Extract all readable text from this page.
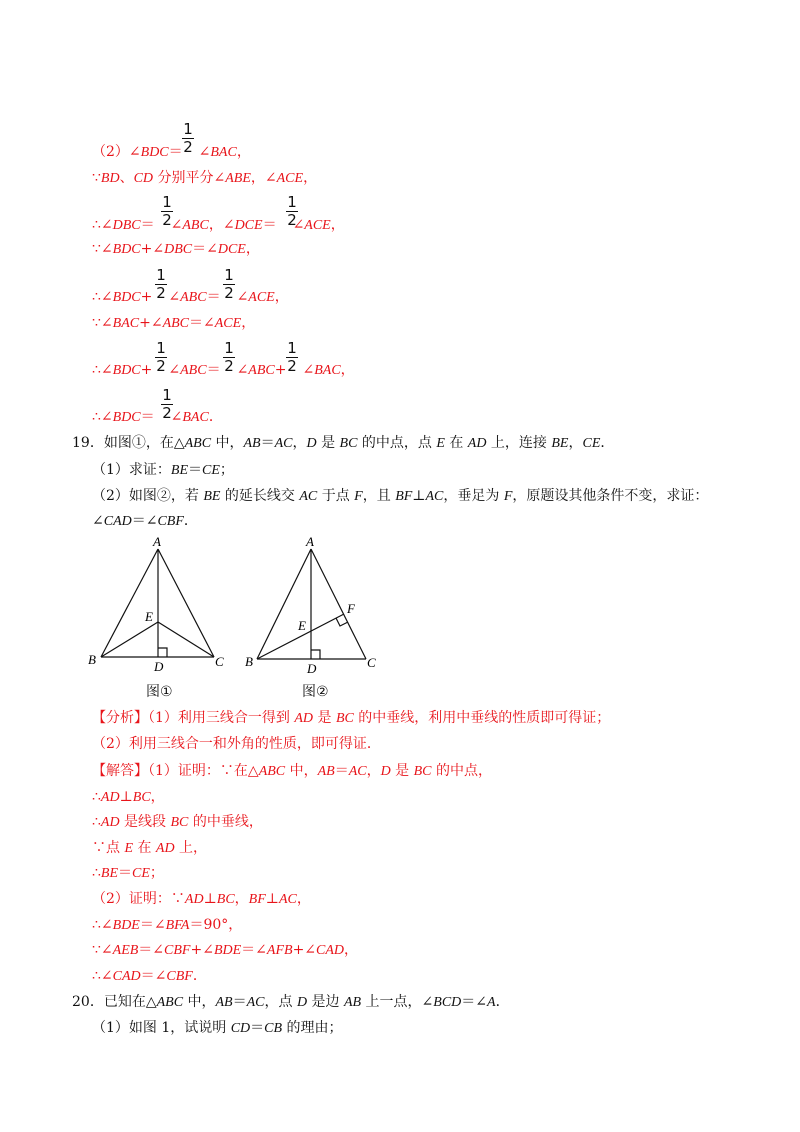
（2）∠BDC＝ ∠BAC，
1
2
∵BD、CD 分别平分∠ABE，∠ACE，
∴∠DBC＝ ∠ABC，∠DCE＝ ∠ACE，
1
2
1
2
∵∠BDC+∠DBC＝∠DCE，
∴∠BDC+ ∠ABC＝ ∠ACE，
1
2
1
2
∵∠BAC+∠ABC＝∠ACE，
∴∠BDC+ ∠ABC＝ ∠ABC+ ∠BAC，
1
2
1
2
1
2
∴∠BDC＝ ∠BAC．
1
2
19．如图①，在△ABC 中，AB＝AC，D 是 BC 的中点，点 E 在 AD 上，连接 BE，CE．
（1）求证：BE＝CE；
（2）如图②，若 BE 的延长线交 AC 于点 F，且 BF⊥AC，垂足为 F，原题设其他条件不变，求证：
∠CAD＝∠CBF．
A
E
B	D	C
图①
A
F
E
B	D	C
图②
【分析】（1）利用三线合一得到 AD 是 BC 的中垂线，利用中垂线的性质即可得证；
（2）利用三线合一和外角的性质，即可得证．
【解答】（1）证明：∵在△ABC 中，AB＝AC，D 是 BC 的中点，
∴AD⊥BC，
∴AD 是线段 BC 的中垂线，
∵点 E 在 AD 上，
∴BE＝CE；
（2）证明：∵AD⊥BC，BF⊥AC，
∴∠BDE＝∠BFA＝90°，
∵∠AEB＝∠CBF+∠BDE＝∠AFB+∠CAD，
∴∠CAD＝∠CBF．
20．已知在△ABC 中，AB＝AC，点 D 是边 AB 上一点，∠BCD＝∠A．
（1）如图 1，试说明 CD＝CB 的理由；
